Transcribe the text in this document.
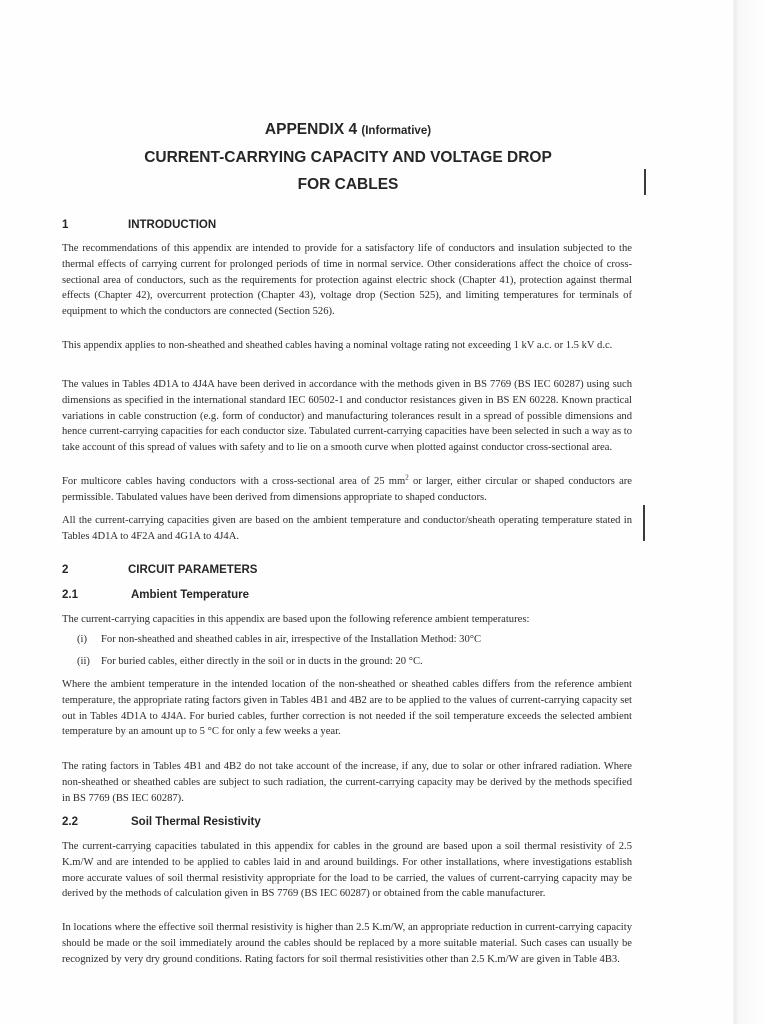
APPENDIX 4 (Informative)
CURRENT-CARRYING CAPACITY AND VOLTAGE DROP
FOR CABLES
1	INTRODUCTION

The recommendations of this appendix are intended to provide for a satisfactory life of conductors and insulation subjected to the thermal effects of carrying current for prolonged periods of time in normal service. Other considerations affect the choice of cross-sectional area of conductors, such as the requirements for protection against electric shock (Chapter 41), protection against thermal effects (Chapter 42), overcurrent protection (Chapter 43), voltage drop (Section 525), and limiting temperatures for terminals of equipment to which the conductors are connected (Section 526).

This appendix applies to non-sheathed and sheathed cables having a nominal voltage rating not exceeding 1 kV a.c. or 1.5 kV d.c.

The values in Tables 4D1A to 4J4A have been derived in accordance with the methods given in BS 7769 (BS IEC 60287) using such dimensions as specified in the international standard IEC 60502-1 and conductor resistances given in BS EN 60228. Known practical variations in cable construction (e.g. form of conductor) and manufacturing tolerances result in a spread of possible dimensions and hence current-carrying capacities for each conductor size. Tabulated current-carrying capacities have been selected in such a way as to take account of this spread of values with safety and to lie on a smooth curve when plotted against conductor cross-sectional area.

For multicore cables having conductors with a cross-sectional area of 25 $mm^2$ or larger, either circular or shaped conductors are permissible. Tabulated values have been derived from dimensions appropriate to shaped conductors.

All the current-carrying capacities given are based on the ambient temperature and conductor/sheath operating temperature stated in Tables 4D1A to 4F2A and 4G1A to 4J4A.

2	CIRCUIT PARAMETERS
2.1	Ambient Temperature

The current-carrying capacities in this appendix are based upon the following reference ambient temperatures:

(i) For non-sheathed and sheathed cables in air, irrespective of the Installation Method: 30°C
(ii) For buried cables, either directly in the soil or in ducts in the ground: 20 °C.

Where the ambient temperature in the intended location of the non-sheathed or sheathed cables differs from the reference ambient temperature, the appropriate rating factors given in Tables 4B1 and 4B2 are to be applied to the values of current-carrying capacity set out in Tables 4D1A to 4J4A. For buried cables, further correction is not needed if the soil temperature exceeds the selected ambient temperature by an amount up to 5 °C for only a few weeks a year.

The rating factors in Tables 4B1 and 4B2 do not take account of the increase, if any, due to solar or other infrared radiation. Where non-sheathed or sheathed cables are subject to such radiation, the current-carrying capacity may be derived by the methods specified in BS 7769 (BS IEC 60287).

2.2	Soil Thermal Resistivity

The current-carrying capacities tabulated in this appendix for cables in the ground are based upon a soil thermal resistivity of 2.5 K.m/W and are intended to be applied to cables laid in and around buildings. For other installations, where investigations establish more accurate values of soil thermal resistivity appropriate for the load to be carried, the values of current-carrying capacity may be derived by the methods of calculation given in BS 7769 (BS IEC 60287) or obtained from the cable manufacturer.

In locations where the effective soil thermal resistivity is higher than 2.5 K.m/W, an appropriate reduction in current-carrying capacity should be made or the soil immediately around the cables should be replaced by a more suitable material. Such cases can usually be recognized by very dry ground conditions. Rating factors for soil thermal resistivities other than 2.5 K.m/W are given in Table 4B3.
